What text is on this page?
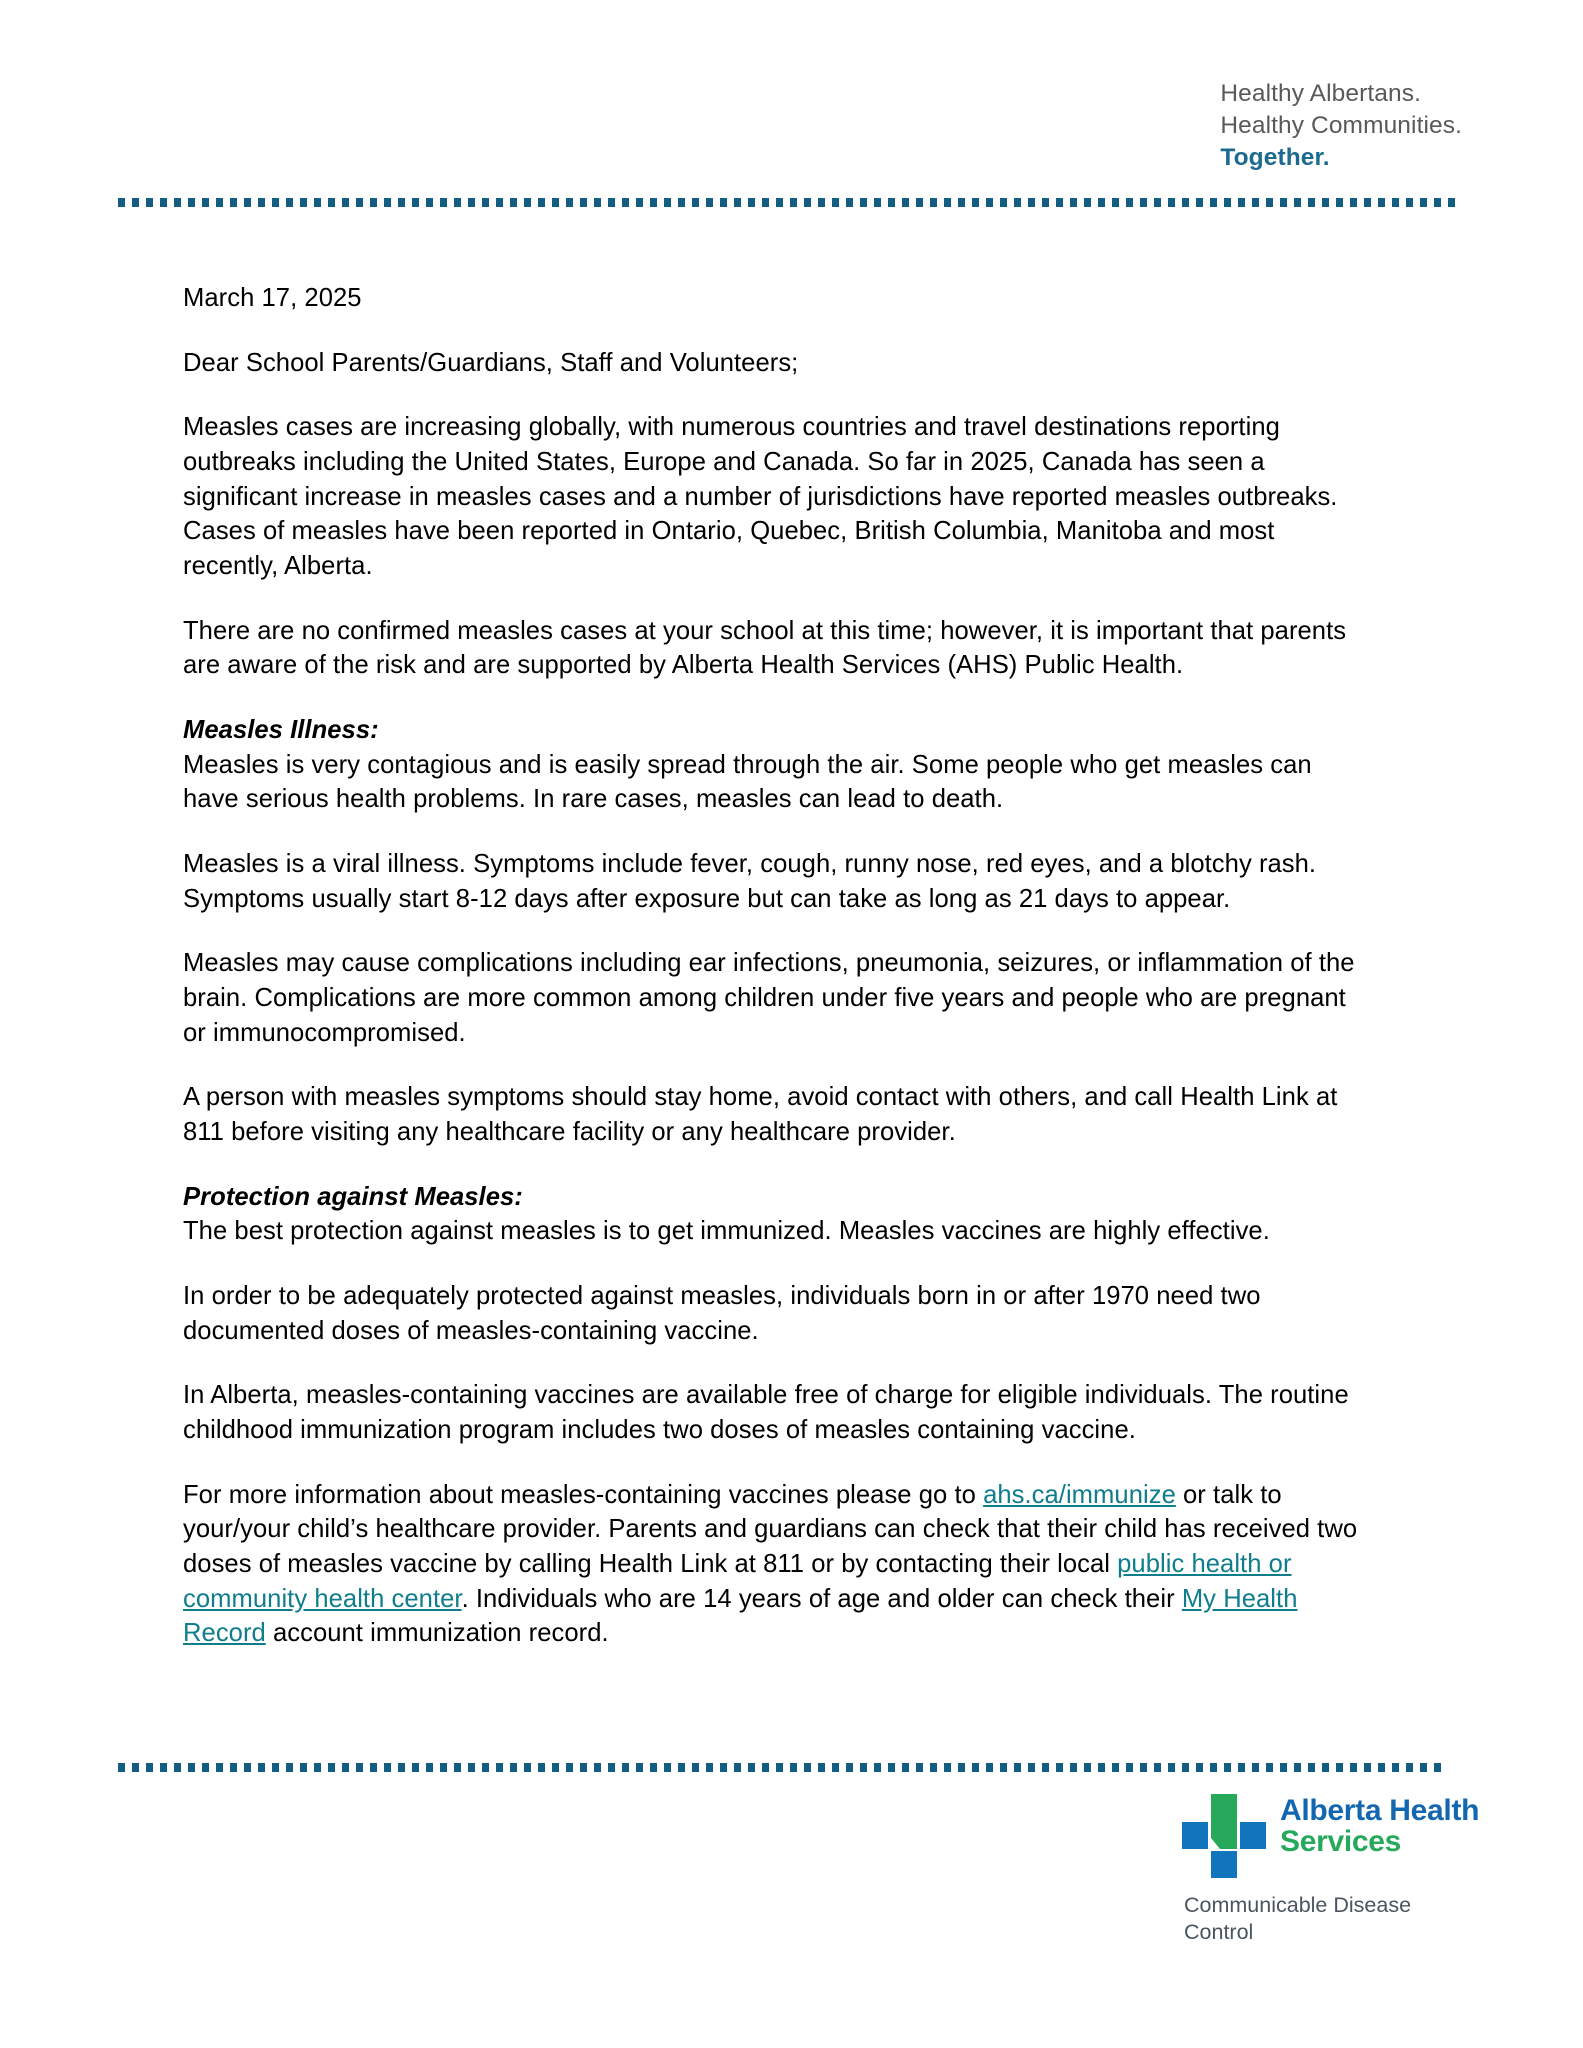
Healthy Albertans.
Healthy Communities.
Together.

March 17, 2025

Dear School Parents/Guardians, Staff and Volunteers;

Measles cases are increasing globally, with numerous countries and travel destinations reporting outbreaks including the United States, Europe and Canada. So far in 2025, Canada has seen a significant increase in measles cases and a number of jurisdictions have reported measles outbreaks. Cases of measles have been reported in Ontario, Quebec, British Columbia, Manitoba and most recently, Alberta.

There are no confirmed measles cases at your school at this time; however, it is important that parents are aware of the risk and are supported by Alberta Health Services (AHS) Public Health.

Measles Illness:

Measles is very contagious and is easily spread through the air. Some people who get measles can have serious health problems. In rare cases, measles can lead to death.

Measles is a viral illness. Symptoms include fever, cough, runny nose, red eyes, and a blotchy rash. Symptoms usually start 8-12 days after exposure but can take as long as 21 days to appear.

Measles may cause complications including ear infections, pneumonia, seizures, or inflammation of the brain. Complications are more common among children under five years and people who are pregnant or immunocompromised.

A person with measles symptoms should stay home, avoid contact with others, and call Health Link at 811 before visiting any healthcare facility or any healthcare provider.

Protection against Measles:

The best protection against measles is to get immunized. Measles vaccines are highly effective.

In order to be adequately protected against measles, individuals born in or after 1970 need two documented doses of measles-containing vaccine.

In Alberta, measles-containing vaccines are available free of charge for eligible individuals. The routine childhood immunization program includes two doses of measles containing vaccine.

For more information about measles-containing vaccines please go to ahs.ca/immunize or talk to your/your child’s healthcare provider. Parents and guardians can check that their child has received two doses of measles vaccine by calling Health Link at 811 or by contacting their local public health or community health center. Individuals who are 14 years of age and older can check their My Health Record account immunization record.

Alberta Health
Services
Communicable Disease
Control
